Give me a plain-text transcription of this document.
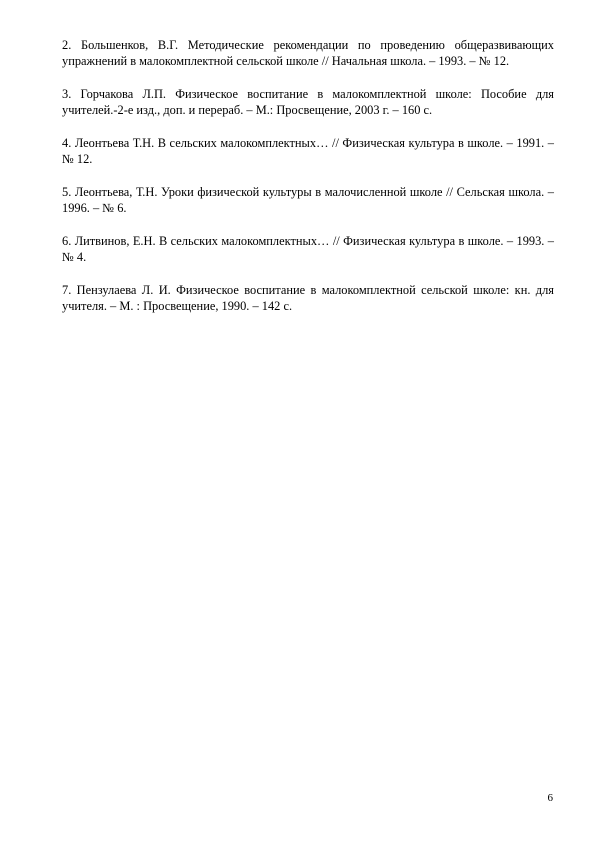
2. Большенков, В.Г. Методические рекомендации по проведению общеразвивающих упражнений в малокомплектной сельской школе // Начальная школа. – 1993. – № 12.

3. Горчакова Л.П. Физическое воспитание в малокомплектной школе: Пособие для учителей.-2-е изд., доп. и перераб. – М.: Просвещение, 2003 г. – 160 с.

4. Леонтьева Т.Н. В сельских малокомплектных… // Физическая культура в школе. – 1991. – № 12.

5. Леонтьева, Т.Н. Уроки физической культуры в малочисленной школе // Сельская школа. – 1996. – № 6.

6. Литвинов, Е.Н. В сельских малокомплектных… // Физическая культура в школе. – 1993. – № 4.

7. Пензулаева Л. И. Физическое воспитание в малокомплектной сельской школе: кн. для учителя. – М. : Просвещение, 1990. – 142 с.

6
